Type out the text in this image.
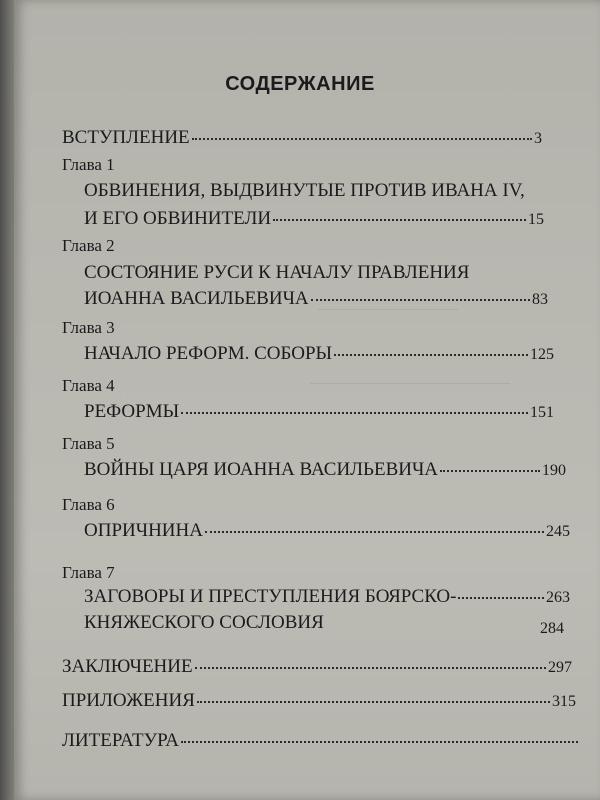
СОДЕРЖАНИЕ
ВСТУПЛЕНИЕ	3
Глава 1
ОБВИНЕНИЯ, ВЫДВИНУТЫЕ ПРОТИВ ИВАНА IV,
И ЕГО ОБВИНИТЕЛИ	15
Глава 2
СОСТОЯНИЕ РУСИ К НАЧАЛУ ПРАВЛЕНИЯ
ИОАННА ВАСИЛЬЕВИЧА	83
Глава 3
НАЧАЛО РЕФОРМ. СОБОРЫ	125
Глава 4
РЕФОРМЫ	151
Глава 5
ВОЙНЫ ЦАРЯ ИОАННА ВАСИЛЬЕВИЧА	190
Глава 6
ОПРИЧНИНА	245
Глава 7
ЗАГОВОРЫ И ПРЕСТУПЛЕНИЯ БОЯРСКО-	263
КНЯЖЕСКОГО СОСЛОВИЯ	284
ЗАКЛЮЧЕНИЕ	297
ПРИЛОЖЕНИЯ	315
ЛИТЕРАТУРА
